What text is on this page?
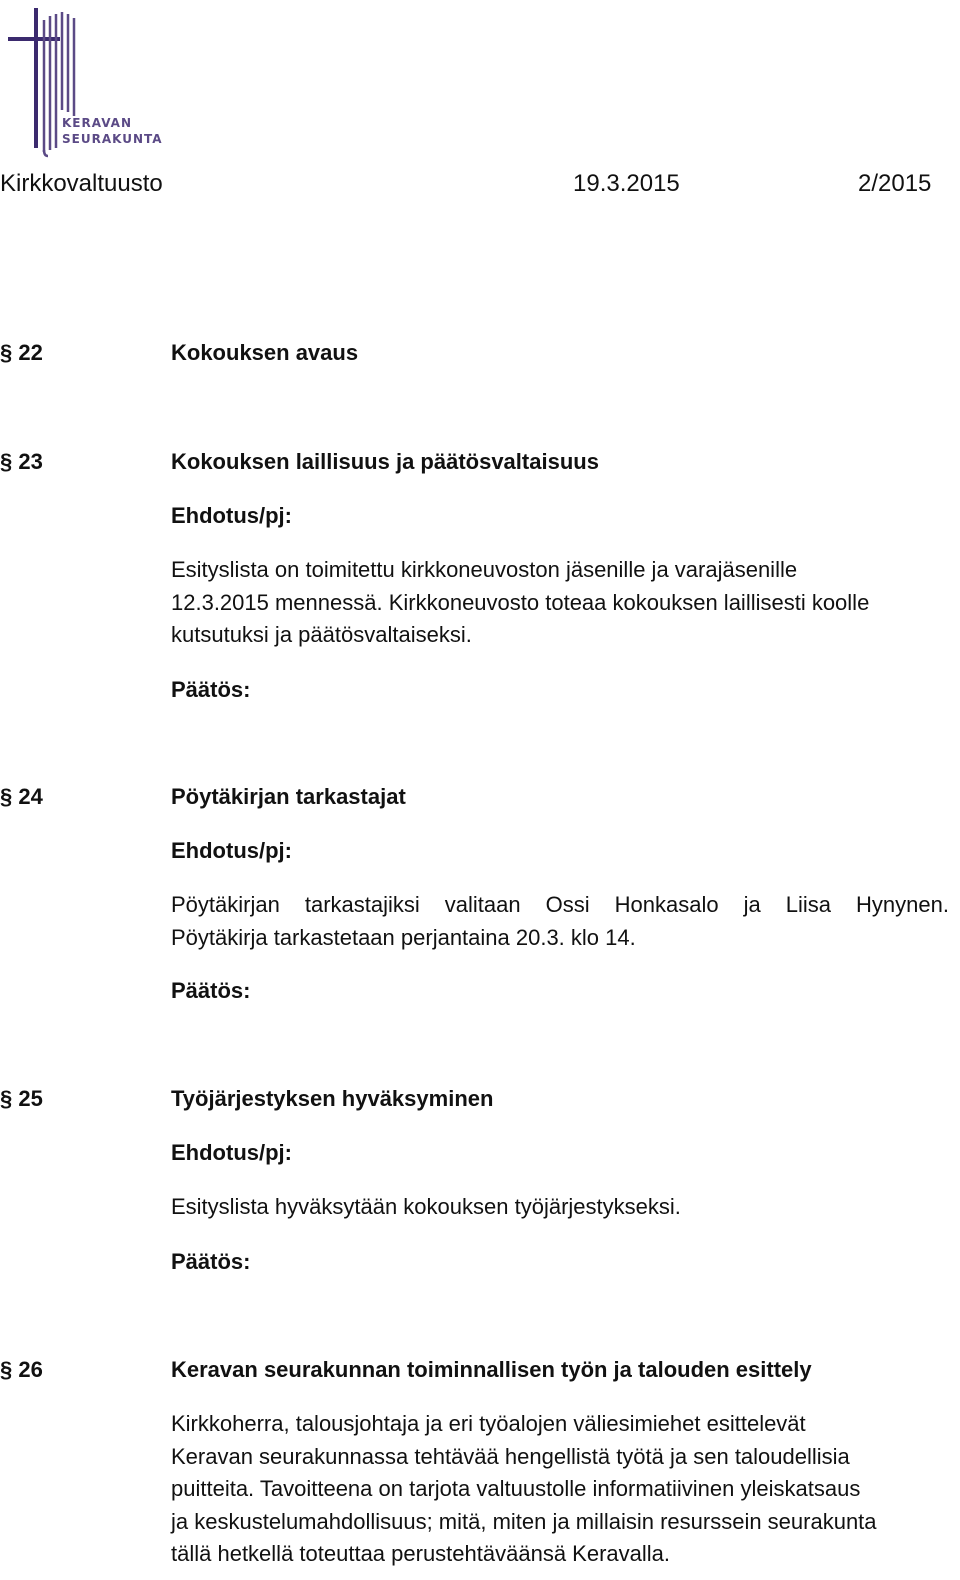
KERAVAN
SEURAKUNTA
Kirkkovaltuusto	19.3.2015	2/2015
§ 22	Kokouksen avaus
§ 23	Kokouksen laillisuus ja päätösvaltaisuus
Ehdotus/pj:
Esityslista on toimitettu kirkkoneuvoston jäsenille ja varajäsenille
12.3.2015 mennessä. Kirkkoneuvosto toteaa kokouksen laillisesti koolle
kutsutuksi ja päätösvaltaiseksi.
Päätös:
§ 24	Pöytäkirjan tarkastajat
Ehdotus/pj:
Pöytäkirjan tarkastajiksi valitaan Ossi Honkasalo ja Liisa Hynynen.
Pöytäkirja tarkastetaan perjantaina 20.3. klo 14.
Päätös:
§ 25	Työjärjestyksen hyväksyminen
Ehdotus/pj:
Esityslista hyväksytään kokouksen työjärjestykseksi.
Päätös:
§ 26	Keravan seurakunnan toiminnallisen työn ja talouden esittely
Kirkkoherra, talousjohtaja ja eri työalojen väliesimiehet esittelevät
Keravan seurakunnassa tehtävää hengellistä työtä ja sen taloudellisia
puitteita. Tavoitteena on tarjota valtuustolle informatiivinen yleiskatsaus
ja keskustelumahdollisuus; mitä, miten ja millaisin resurssein seurakunta
tällä hetkellä toteuttaa perustehtäväänsä Keravalla.
